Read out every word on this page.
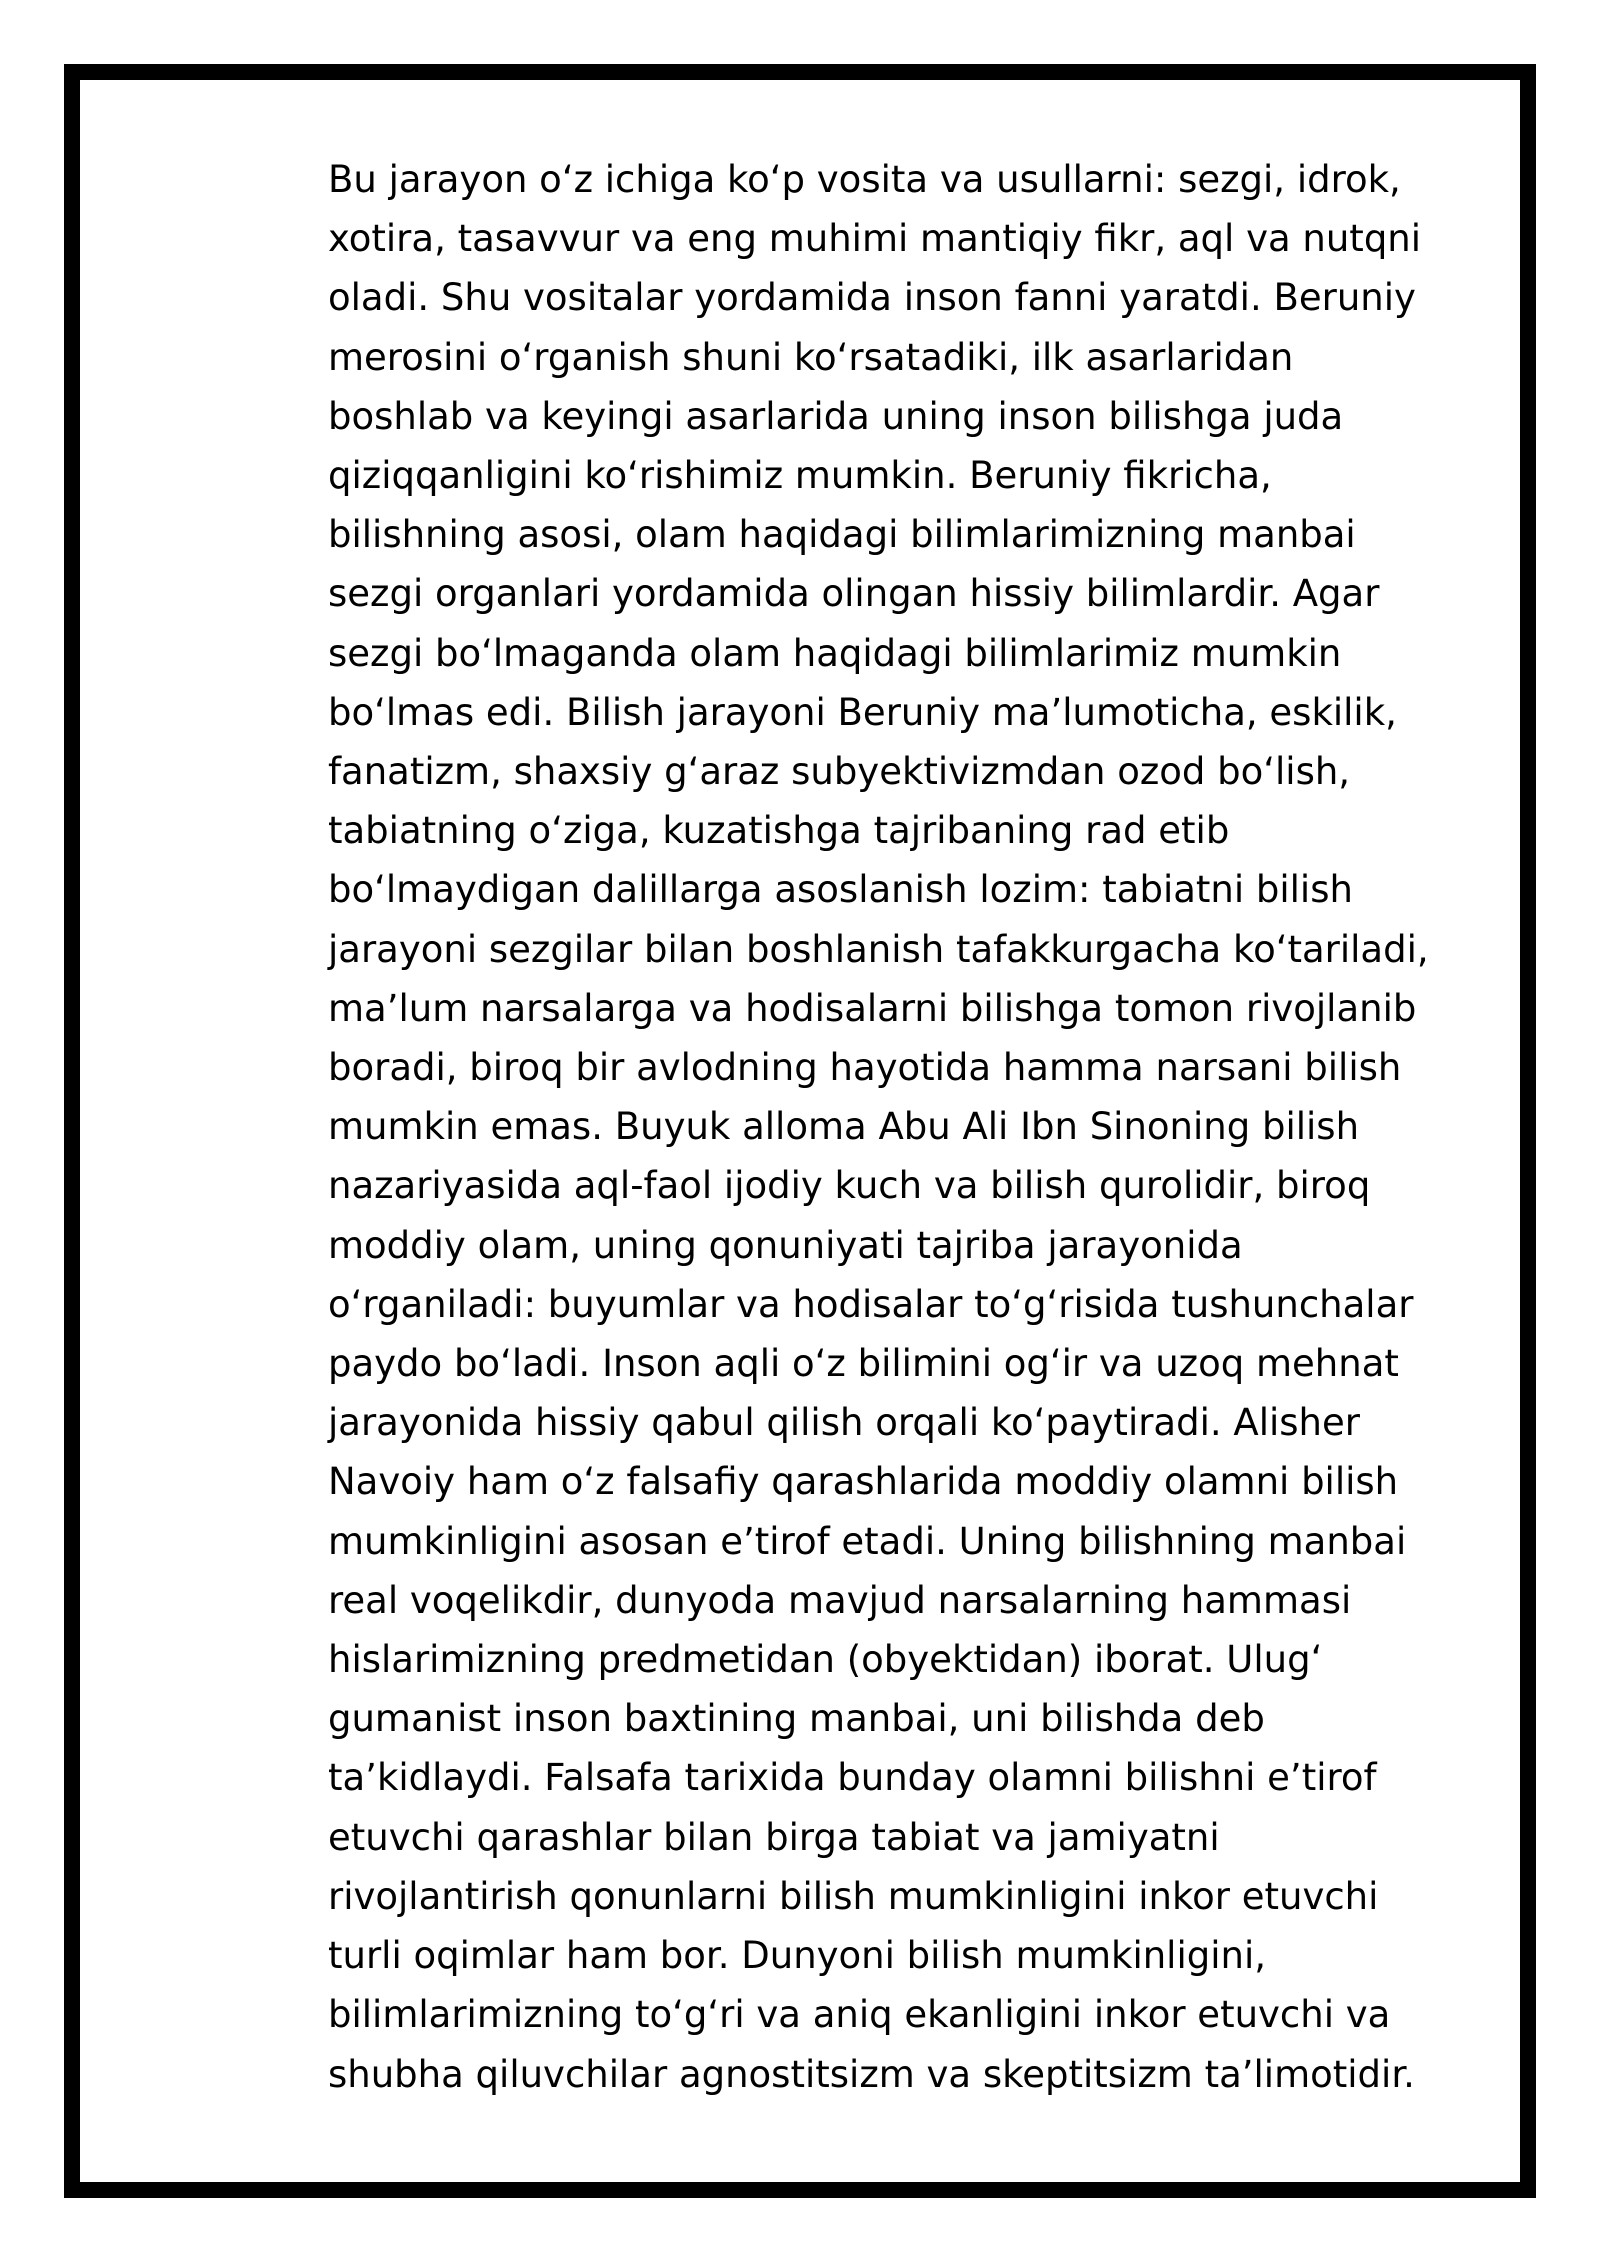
Bu jarayon o‘z ichiga ko‘p vosita va usullarni: sezgi, idrok,
xotira, tasavvur va eng muhimi mantiqiy fikr, aql va nutqni
oladi. Shu vositalar yordamida inson fanni yaratdi. Beruniy
merosini o‘rganish shuni ko‘rsatadiki, ilk asarlaridan
boshlab va keyingi asarlarida uning inson bilishga juda
qiziqqanligini ko‘rishimiz mumkin. Beruniy fikricha,
bilishning asosi, olam haqidagi bilimlarimizning manbai
sezgi organlari yordamida olingan hissiy bilimlardir. Agar
sezgi bo‘lmaganda olam haqidagi bilimlarimiz mumkin
bo‘lmas edi. Bilish jarayoni Beruniy ma’lumoticha, eskilik,
fanatizm, shaxsiy g‘araz subyektivizmdan ozod bo‘lish,
tabiatning o‘ziga, kuzatishga tajribaning rad etib
bo‘lmaydigan dalillarga asoslanish lozim: tabiatni bilish
jarayoni sezgilar bilan boshlanish tafakkurgacha ko‘tariladi,
ma’lum narsalarga va hodisalarni bilishga tomon rivojlanib
boradi, biroq bir avlodning hayotida hamma narsani bilish
mumkin emas. Buyuk alloma Abu Ali Ibn Sinoning bilish
nazariyasida aql-faol ijodiy kuch va bilish qurolidir, biroq
moddiy olam, uning qonuniyati tajriba jarayonida
o‘rganiladi: buyumlar va hodisalar to‘g‘risida tushunchalar
paydo bo‘ladi. Inson aqli o‘z bilimini og‘ir va uzoq mehnat
jarayonida hissiy qabul qilish orqali ko‘paytiradi. Alisher
Navoiy ham o‘z falsafiy qarashlarida moddiy olamni bilish
mumkinligini asosan e’tirof etadi. Uning bilishning manbai
real voqelikdir, dunyoda mavjud narsalarning hammasi
hislarimizning predmetidan (obyektidan) iborat. Ulug‘
gumanist inson baxtining manbai, uni bilishda deb
ta’kidlaydi. Falsafa tarixida bunday olamni bilishni e’tirof
etuvchi qarashlar bilan birga tabiat va jamiyatni
rivojlantirish qonunlarni bilish mumkinligini inkor etuvchi
turli oqimlar ham bor. Dunyoni bilish mumkinligini,
bilimlarimizning to‘g‘ri va aniq ekanligini inkor etuvchi va
shubha qiluvchilar agnostitsizm va skeptitsizm ta’limotidir.
